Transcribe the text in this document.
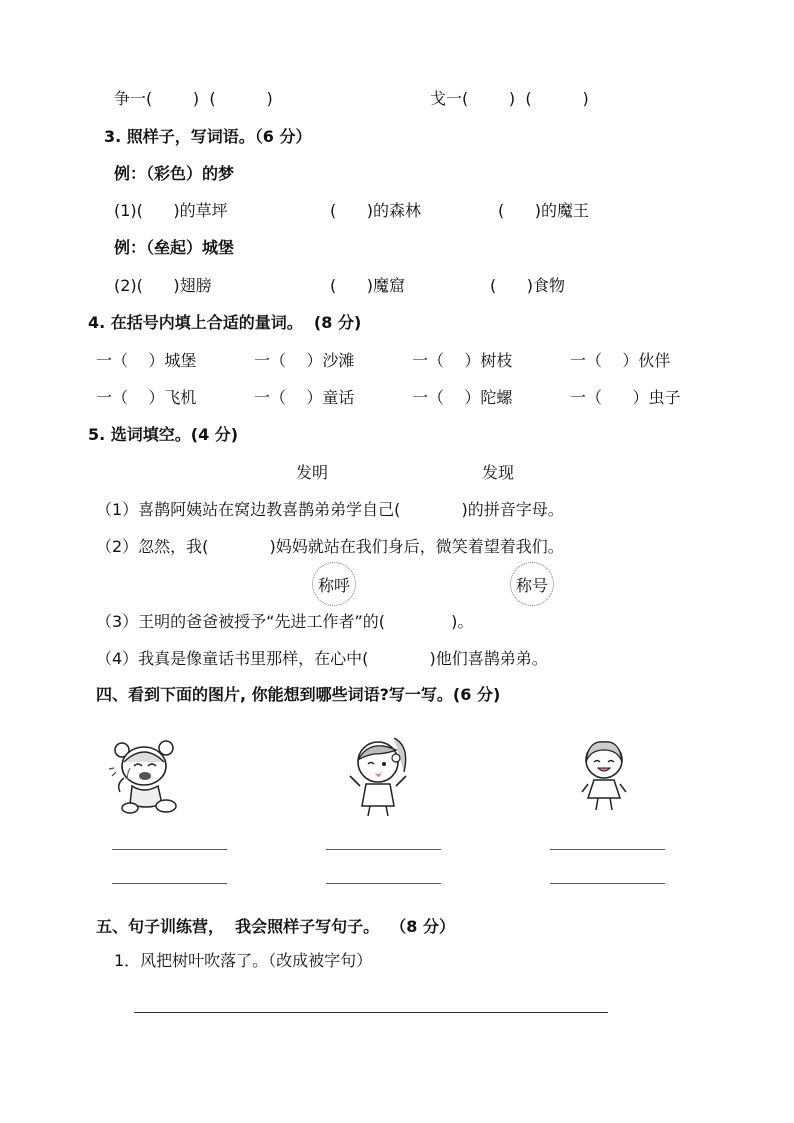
争一(        )  (          )	戈一(        )  (          )
3. 照样子，写词语。（6 分）
例：（彩色）的梦
(1)(      )的草坪	(      )的森林	(      )的魔王
例：（垒起）城堡
(2)(      )翅膀	(      )魔窟	(      )食物
4. 在括号内填上合适的量词。  (8 分)
一（    ）城堡	一（    ）沙滩	一（    ）树枝	一（    ）伙伴
一（    ）飞机	一（    ）童话	一（    ）陀螺	一（      ）虫子
5. 选词填空。(4 分)
发明	发现
（1）喜鹊阿姨站在窝边教喜鹊弟弟学自己(            )的拼音字母。
（2）忽然，我(            )妈妈就站在我们身后，微笑着望着我们。
称呼	称号
（3）王明的爸爸被授予“先进工作者”的(             )。
（4）我真是像童话书里那样，在心中(            )他们喜鹊弟弟。
四、看到下面的图片, 你能想到哪些词语?写一写。(6 分)
五、句子训练营，  我会照样子写句子。  （8 分）
1．风把树叶吹落了。（改成被字句）
